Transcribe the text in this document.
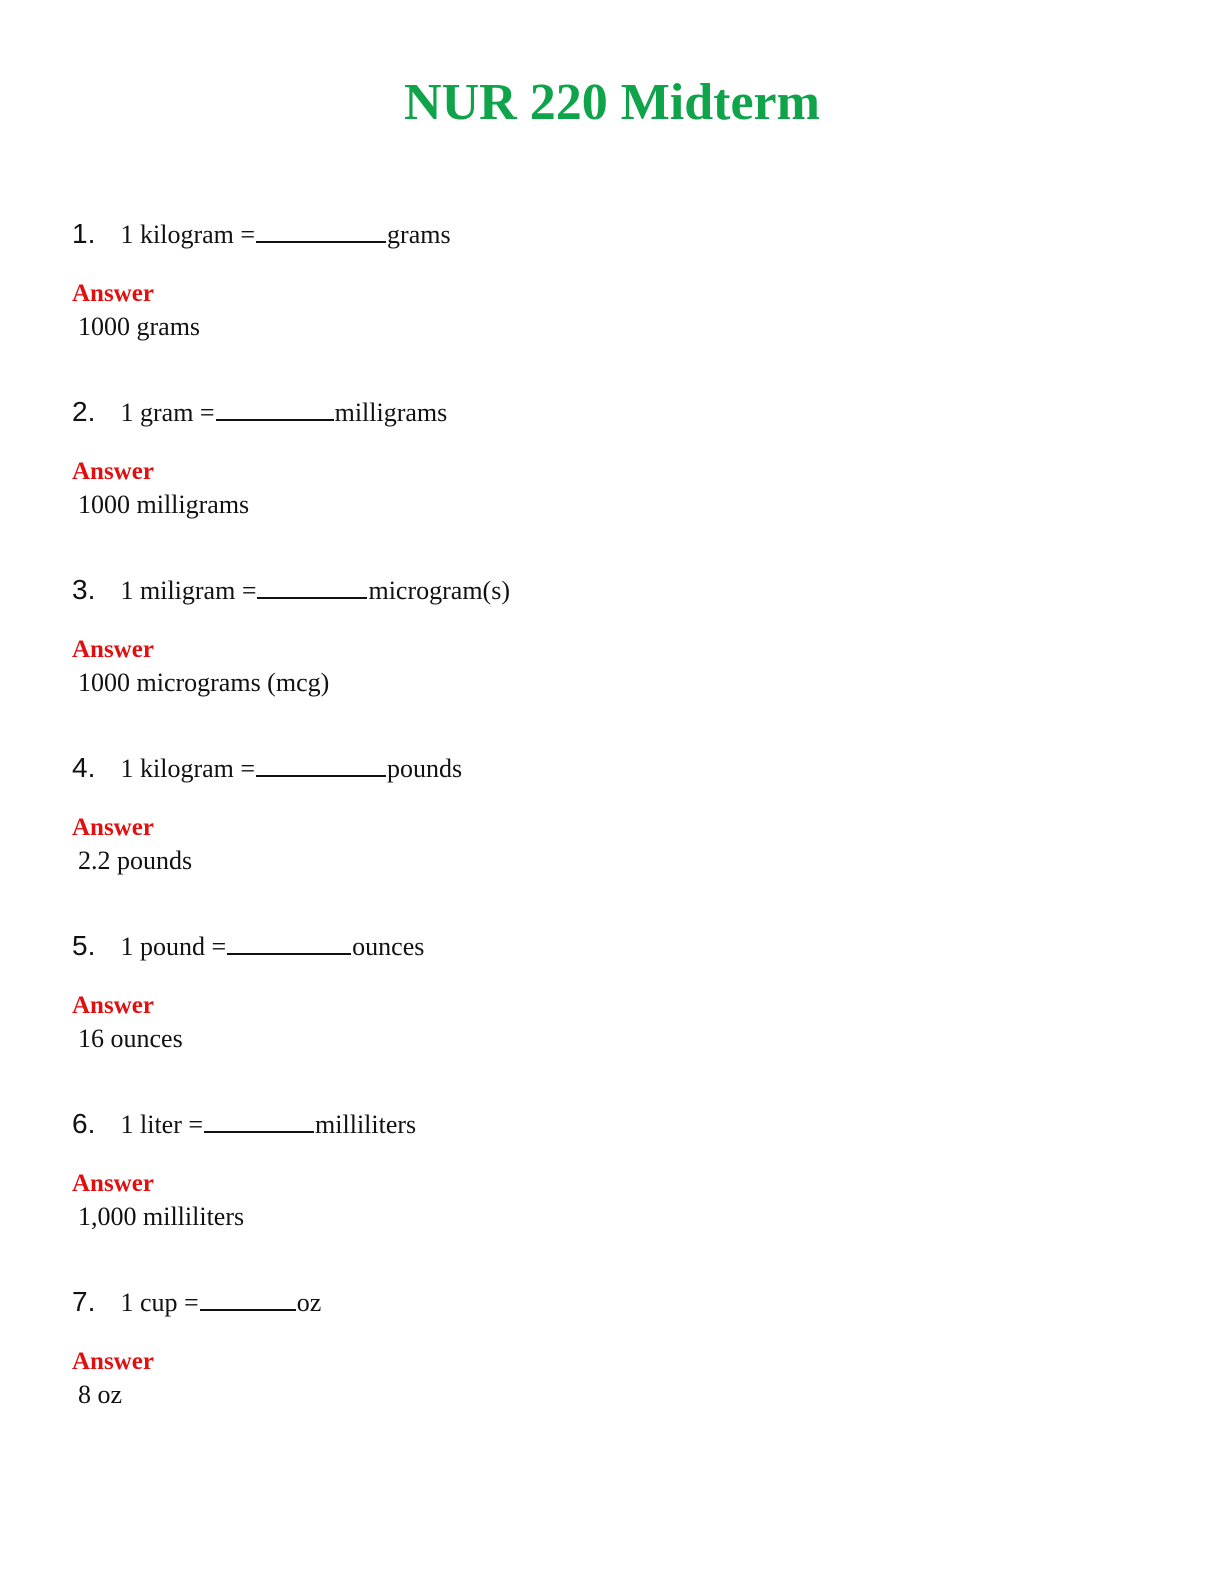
NUR 220 Midterm
1. 1 kilogram =	grams
Answer
1000 grams
2. 1 gram =	milligrams
Answer
1000 milligrams
3. 1 miligram =	microgram(s)
Answer
1000 micrograms (mcg)
4. 1 kilogram =	pounds
Answer
2.2 pounds
5. 1 pound =	ounces
Answer
16 ounces
6. 1 liter =	milliliters
Answer
1,000 milliliters
7. 1 cup =	oz
Answer
8 oz
